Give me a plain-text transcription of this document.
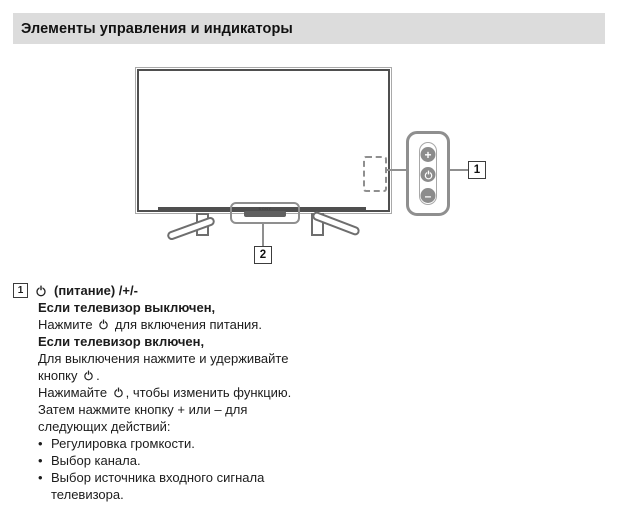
Элементы управления и индикаторы
SONY
2
1
+
–
1	(питание) /+/-
Если телевизор выключен,
Нажмите для включения питания.
Если телевизор включен,
Для выключения нажмите и удерживайте
кнопку .
Нажимайте , чтобы изменить функцию.
Затем нажмите кнопку + или – для
следующих действий:
• Регулировка громкости.
• Выбор канала.
• Выбор источника входного сигнала телевизора.
